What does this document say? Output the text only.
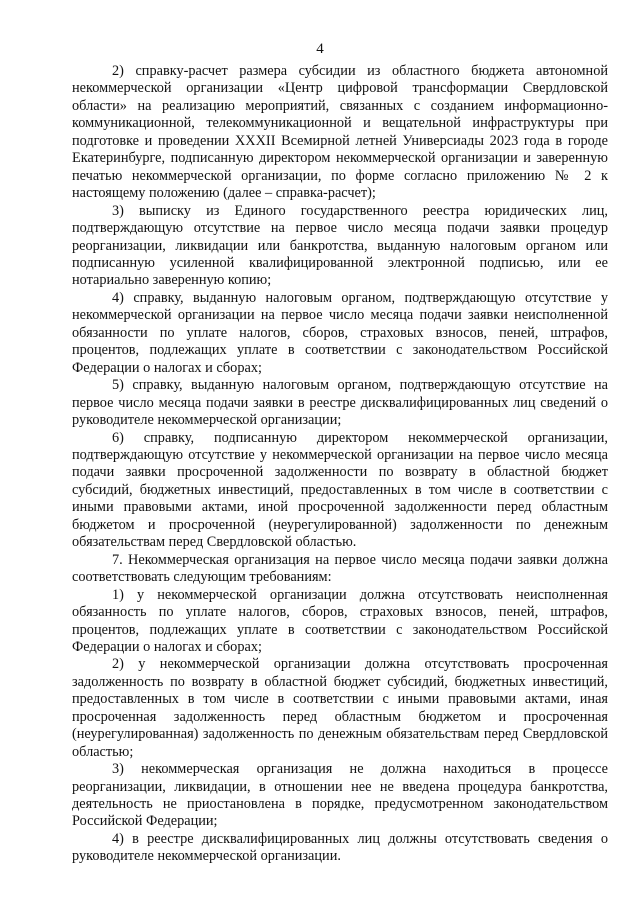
4

2) справку-расчет размера субсидии из областного бюджета автономной некоммерческой организации «Центр цифровой трансформации Свердловской области» на реализацию мероприятий, связанных с созданием информационно-коммуникационной, телекоммуникационной и вещательной инфраструктуры при подготовке и проведении XXXII Всемирной летней Универсиады 2023 года в городе Екатеринбурге, подписанную директором некоммерческой организации и заверенную печатью некоммерческой организации, по форме согласно приложению № 2 к настоящему положению (далее – справка-расчет);

3) выписку из Единого государственного реестра юридических лиц, подтверждающую отсутствие на первое число месяца подачи заявки процедур реорганизации, ликвидации или банкротства, выданную налоговым органом или подписанную усиленной квалифицированной электронной подписью, или ее нотариально заверенную копию;

4) справку, выданную налоговым органом, подтверждающую отсутствие у некоммерческой организации на первое число месяца подачи заявки неисполненной обязанности по уплате налогов, сборов, страховых взносов, пеней, штрафов, процентов, подлежащих уплате в соответствии с законодательством Российской Федерации о налогах и сборах;

5) справку, выданную налоговым органом, подтверждающую отсутствие на первое число месяца подачи заявки в реестре дисквалифицированных лиц сведений о руководителе некоммерческой организации;

6) справку, подписанную директором некоммерческой организации, подтверждающую отсутствие у некоммерческой организации на первое число месяца подачи заявки просроченной задолженности по возврату в областной бюджет субсидий, бюджетных инвестиций, предоставленных в том числе в соответствии с иными правовыми актами, иной просроченной задолженности перед областным бюджетом и просроченной (неурегулированной) задолженности по денежным обязательствам перед Свердловской областью.

7. Некоммерческая организация на первое число месяца подачи заявки должна соответствовать следующим требованиям:

1) у некоммерческой организации должна отсутствовать неисполненная обязанность по уплате налогов, сборов, страховых взносов, пеней, штрафов, процентов, подлежащих уплате в соответствии с законодательством Российской Федерации о налогах и сборах;

2) у некоммерческой организации должна отсутствовать просроченная задолженность по возврату в областной бюджет субсидий, бюджетных инвестиций, предоставленных в том числе в соответствии с иными правовыми актами, иная просроченная задолженность перед областным бюджетом и просроченная (неурегулированная) задолженность по денежным обязательствам перед Свердловской областью;

3) некоммерческая организация не должна находиться в процессе реорганизации, ликвидации, в отношении нее не введена процедура банкротства, деятельность не приостановлена в порядке, предусмотренном законодательством Российской Федерации;

4) в реестре дисквалифицированных лиц должны отсутствовать сведения о руководителе некоммерческой организации.
